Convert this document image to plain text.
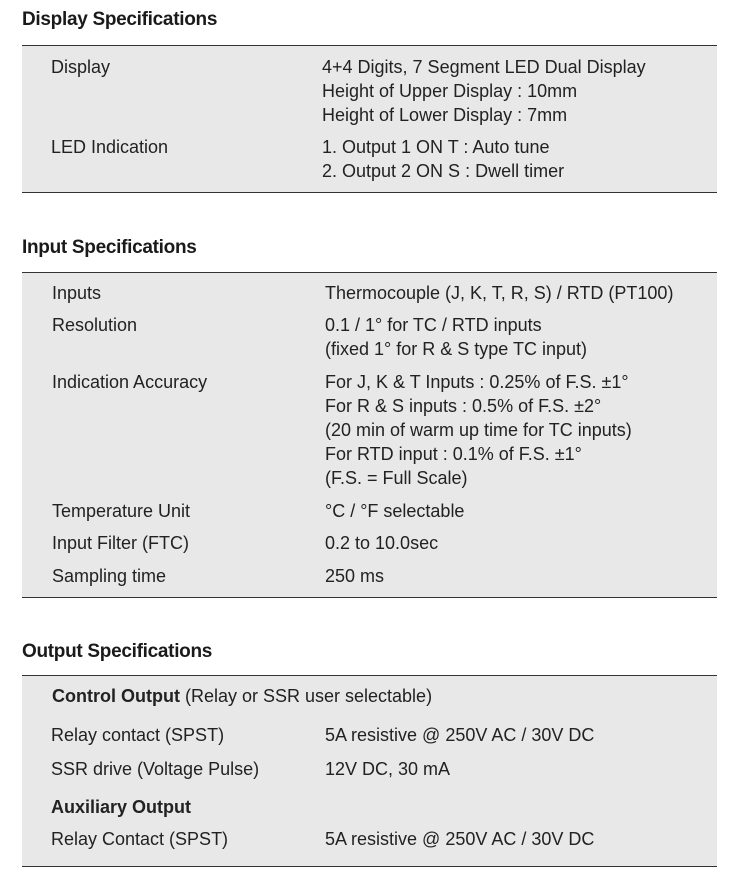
Display Specifications
Display	4+4 Digits, 7 Segment LED Dual Display
Height of Upper Display : 10mm
Height of Lower Display : 7mm
LED Indication	1. Output 1 ON T : Auto tune
2. Output 2 ON S : Dwell timer
Input Specifications
Inputs	Thermocouple (J, K, T, R, S) / RTD (PT100)
Resolution	0.1 / 1° for TC / RTD inputs
(fixed 1° for R & S type TC input)
Indication Accuracy	For J, K & T Inputs : 0.25% of F.S. ±1°
For R & S inputs : 0.5% of F.S. ±2°
(20 min of warm up time for TC inputs)
For RTD input : 0.1% of F.S. ±1°
(F.S. = Full Scale)
Temperature Unit	°C / °F selectable
Input Filter (FTC)	0.2 to 10.0sec
Sampling time	250 ms
Output Specifications
Control Output (Relay or SSR user selectable)
Relay contact (SPST)	5A resistive @ 250V AC / 30V DC
SSR drive (Voltage Pulse)	12V DC, 30 mA
Auxiliary Output
Relay Contact (SPST)	5A resistive @ 250V AC / 30V DC
